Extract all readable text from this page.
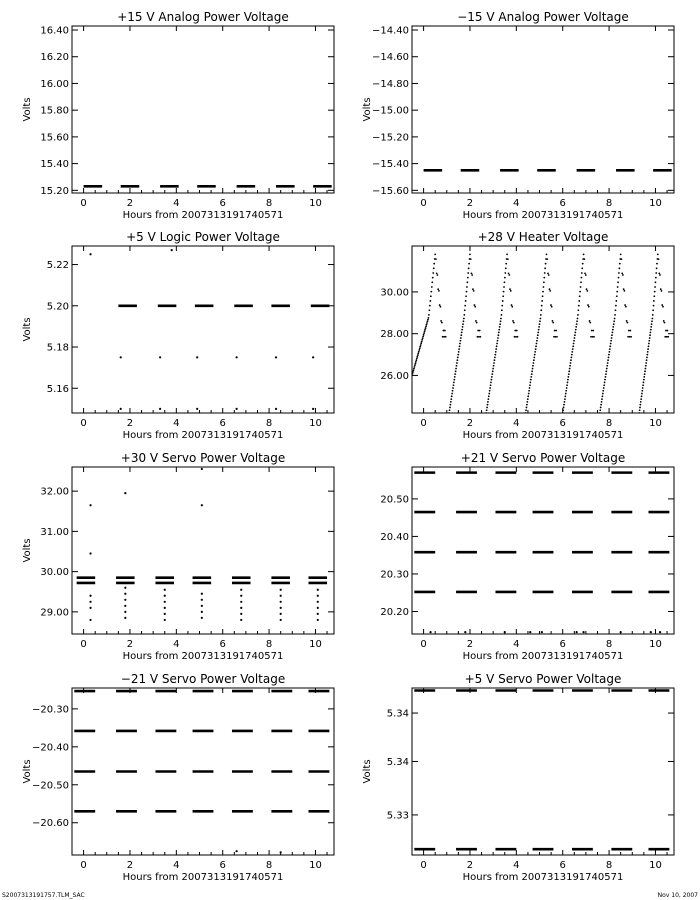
+15 V Analog Power Voltage
0	2	4	6	8	10
15.20
15.40
15.60
15.80
16.00
16.20
16.40
Hours from 2007313191740571
Volts
−15 V Analog Power Voltage
0	2	4	6	8	10
−15.60
−15.40
−15.20
−15.00
−14.80
−14.60
−14.40
Hours from 2007313191740571
Volts
+5 V Logic Power Voltage
0	2	4	6	8	10
5.16
5.18
5.20
5.22
Hours from 2007313191740571
Volts
+28 V Heater Voltage
0	2	4	6	8	10
26.00
28.00
30.00
Hours from 2007313191740571
+30 V Servo Power Voltage
0	2	4	6	8	10
29.00
30.00
31.00
32.00
Hours from 2007313191740571
Volts
+21 V Servo Power Voltage
0	2	4	6	8	10
20.20
20.30
20.40
20.50
Hours from 2007313191740571
−21 V Servo Power Voltage
0	2	4	6	8	10
−20.60
−20.50
−20.40
−20.30
Hours from 2007313191740571
Volts
+5 V Servo Power Voltage
0	2	4	6	8	10
5.33
5.34
5.34
Hours from 2007313191740571
Volts
S2007313191757.TLM_SAC	Nov 10, 2007
